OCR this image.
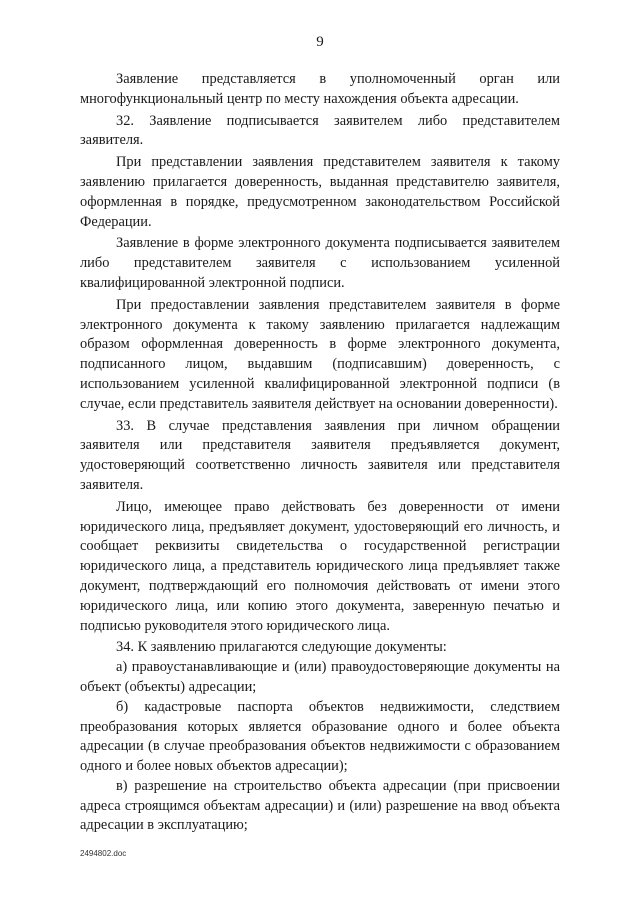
9

Заявление представляется в уполномоченный орган или многофункциональный центр по месту нахождения объекта адресации.

32. Заявление подписывается заявителем либо представителем заявителя.

При представлении заявления представителем заявителя к такому заявлению прилагается доверенность, выданная представителю заявителя, оформленная в порядке, предусмотренном законодательством Российской Федерации.

Заявление в форме электронного документа подписывается заявителем либо представителем заявителя с использованием усиленной квалифицированной электронной подписи.

При предоставлении заявления представителем заявителя в форме электронного документа к такому заявлению прилагается надлежащим образом оформленная доверенность в форме электронного документа, подписанного лицом, выдавшим (подписавшим) доверенность, с использованием усиленной квалифицированной электронной подписи (в случае, если представитель заявителя действует на основании доверенности).

33. В случае представления заявления при личном обращении заявителя или представителя заявителя предъявляется документ, удостоверяющий соответственно личность заявителя или представителя заявителя.

Лицо, имеющее право действовать без доверенности от имени юридического лица, предъявляет документ, удостоверяющий его личность, и сообщает реквизиты свидетельства о государственной регистрации юридического лица, а представитель юридического лица предъявляет также документ, подтверждающий его полномочия действовать от имени этого юридического лица, или копию этого документа, заверенную печатью и подписью руководителя этого юридического лица.

34. К заявлению прилагаются следующие документы:

а) правоустанавливающие и (или) правоудостоверяющие документы на объект (объекты) адресации;

б) кадастровые паспорта объектов недвижимости, следствием преобразования которых является образование одного и более объекта адресации (в случае преобразования объектов недвижимости с образованием одного и более новых объектов адресации);

в) разрешение на строительство объекта адресации (при присвоении адреса строящимся объектам адресации) и (или) разрешение на ввод объекта адресации в эксплуатацию;

2494802.doc
